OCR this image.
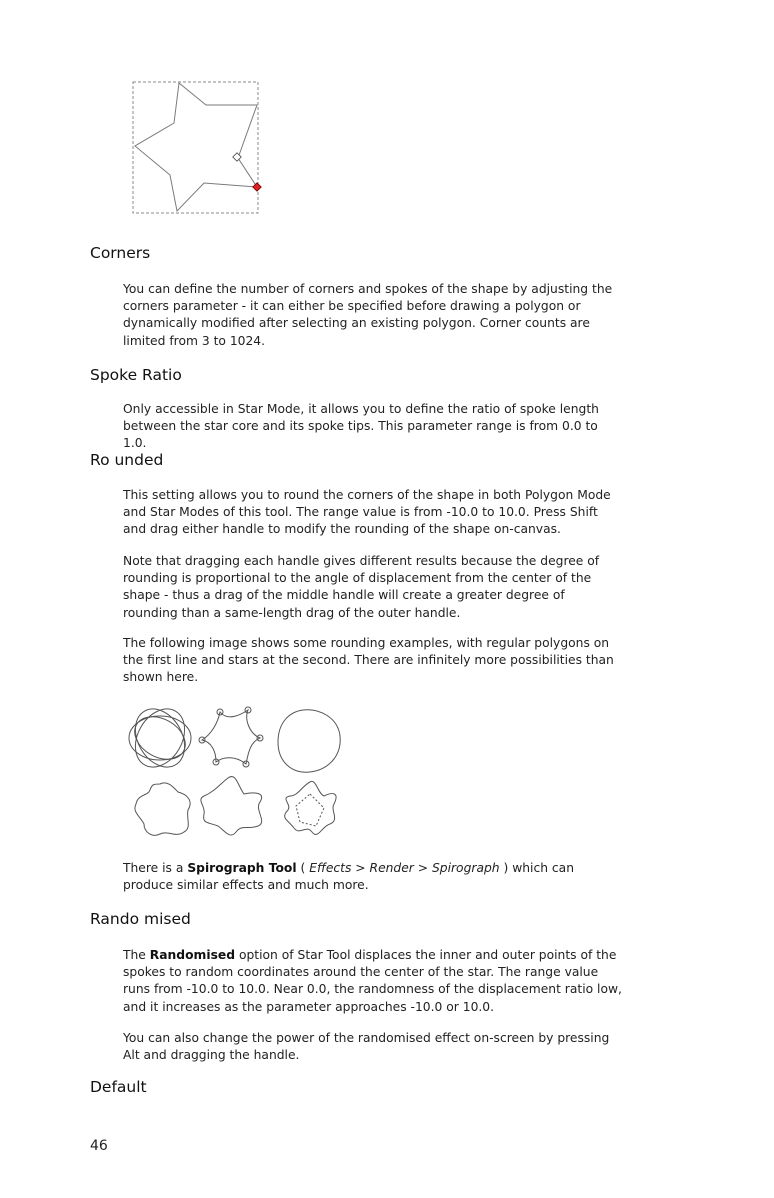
Corners

You can define the number of corners and spokes of the shape by adjusting the corners parameter - it can either be specified before drawing a polygon or dynamically modified after selecting an existing polygon. Corner counts are limited from 3 to 1024.

Spoke Ratio

Only accessible in Star Mode, it allows you to define the ratio of spoke length between the star core and its spoke tips. This parameter range is from 0.0 to 1.0.

Ro unded

This setting allows you to round the corners of the shape in both Polygon Mode and Star Modes of this tool. The range value is from -10.0 to 10.0. Press Shift and drag either handle to modify the rounding of the shape on-canvas.

Note that dragging each handle gives different results because the degree of rounding is proportional to the angle of displacement from the center of the shape - thus a drag of the middle handle will create a greater degree of rounding than a same-length drag of the outer handle.

The following image shows some rounding examples, with regular polygons on the first line and stars at the second. There are infinitely more possibilities than shown here.

There is a Spirograph Tool ( Effects > Render > Spirograph ) which can produce similar effects and much more.

Rando mised

The Randomised option of Star Tool displaces the inner and outer points of the spokes to random coordinates around the center of the star. The range value runs from -10.0 to 10.0. Near 0.0, the randomness of the displacement ratio low, and it increases as the parameter approaches -10.0 or 10.0.

You can also change the power of the randomised effect on-screen by pressing Alt and dragging the handle.

Default

46
